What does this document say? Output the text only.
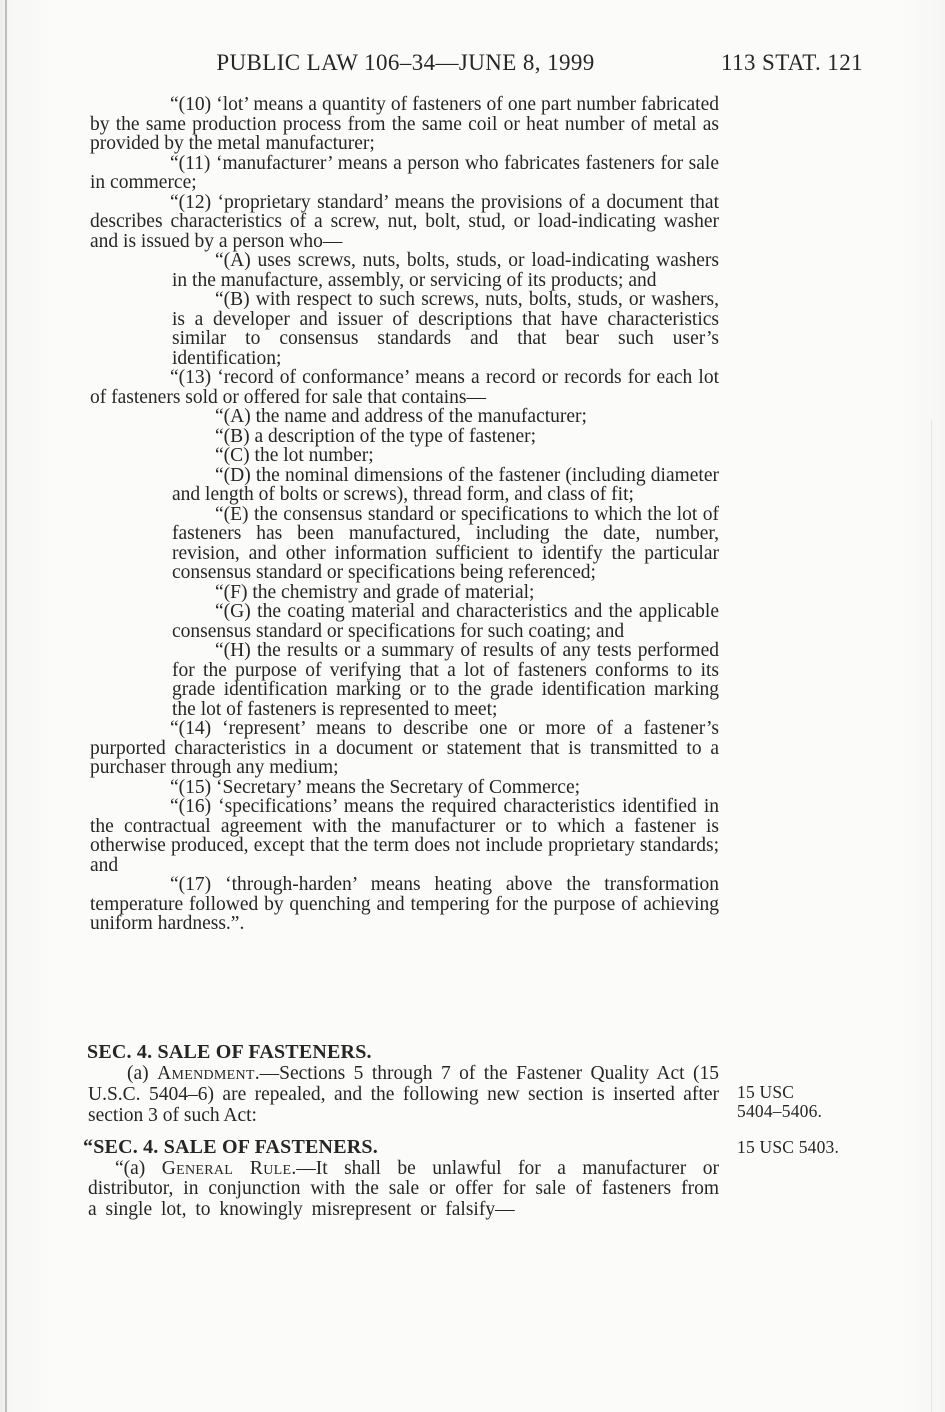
PUBLIC LAW 106–34—JUNE 8, 1999	113 STAT. 121

“(10) ‘lot’ means a quantity of fasteners of one part number fabricated by the same production process from the same coil or heat number of metal as provided by the metal manufacturer;

“(11) ‘manufacturer’ means a person who fabricates fasteners for sale in commerce;

“(12) ‘proprietary standard’ means the provisions of a document that describes characteristics of a screw, nut, bolt, stud, or load-indicating washer and is issued by a person who—

“(A) uses screws, nuts, bolts, studs, or load-indicating washers in the manufacture, assembly, or servicing of its products; and

“(B) with respect to such screws, nuts, bolts, studs, or washers, is a developer and issuer of descriptions that have characteristics similar to consensus standards and that bear such user’s identification;

“(13) ‘record of conformance’ means a record or records for each lot of fasteners sold or offered for sale that contains—

“(A) the name and address of the manufacturer;

“(B) a description of the type of fastener;

“(C) the lot number;

“(D) the nominal dimensions of the fastener (including diameter and length of bolts or screws), thread form, and class of fit;

“(E) the consensus standard or specifications to which the lot of fasteners has been manufactured, including the date, number, revision, and other information sufficient to identify the particular consensus standard or specifications being referenced;

“(F) the chemistry and grade of material;

“(G) the coating material and characteristics and the applicable consensus standard or specifications for such coating; and

“(H) the results or a summary of results of any tests performed for the purpose of verifying that a lot of fasteners conforms to its grade identification marking or to the grade identification marking the lot of fasteners is represented to meet;

“(14) ‘represent’ means to describe one or more of a fastener’s purported characteristics in a document or statement that is transmitted to a purchaser through any medium;

“(15) ‘Secretary’ means the Secretary of Commerce;

“(16) ‘specifications’ means the required characteristics identified in the contractual agreement with the manufacturer or to which a fastener is otherwise produced, except that the term does not include proprietary standards; and

“(17) ‘through-harden’ means heating above the transformation temperature followed by quenching and tempering for the purpose of achieving uniform hardness.”.

SEC. 4. SALE OF FASTENERS.

(a) Amendment.—Sections 5 through 7 of the Fastener Quality Act (15 U.S.C. 5404–6) are repealed, and the following new section is inserted after section 3 of such Act:

15 USC
5404–5406.
“SEC. 4. SALE OF FASTENERS.	15 USC 5403.

“(a) General Rule.—It shall be unlawful for a manufacturer or distributor, in conjunction with the sale or offer for sale of fasteners from a single lot, to knowingly misrepresent or falsify—
